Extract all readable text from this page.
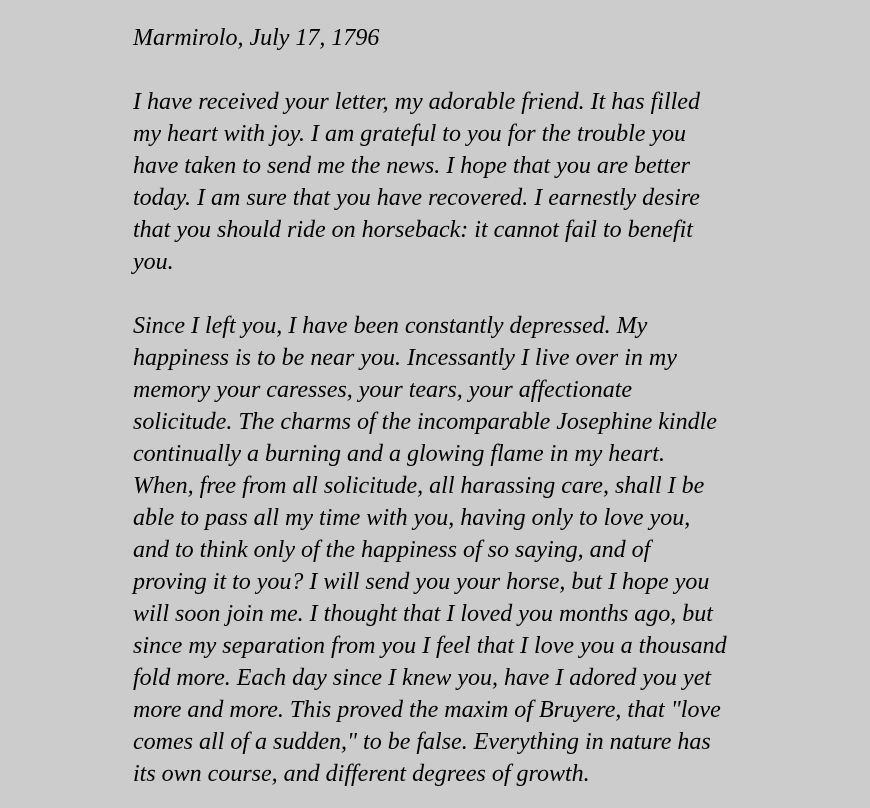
Marmirolo, July 17, 1796

I have received your letter, my adorable friend. It has filled
my heart with joy. I am grateful to you for the trouble you
have taken to send me the news. I hope that you are better
today. I am sure that you have recovered. I earnestly desire
that you should ride on horseback: it cannot fail to benefit
you.

Since I left you, I have been constantly depressed. My
happiness is to be near you. Incessantly I live over in my
memory your caresses, your tears, your affectionate
solicitude. The charms of the incomparable Josephine kindle
continually a burning and a glowing flame in my heart.
When, free from all solicitude, all harassing care, shall I be
able to pass all my time with you, having only to love you,
and to think only of the happiness of so saying, and of
proving it to you? I will send you your horse, but I hope you
will soon join me. I thought that I loved you months ago, but
since my separation from you I feel that I love you a thousand
fold more. Each day since I knew you, have I adored you yet
more and more. This proved the maxim of Bruyere, that "love
comes all of a sudden," to be false. Everything in nature has
its own course, and different degrees of growth.
